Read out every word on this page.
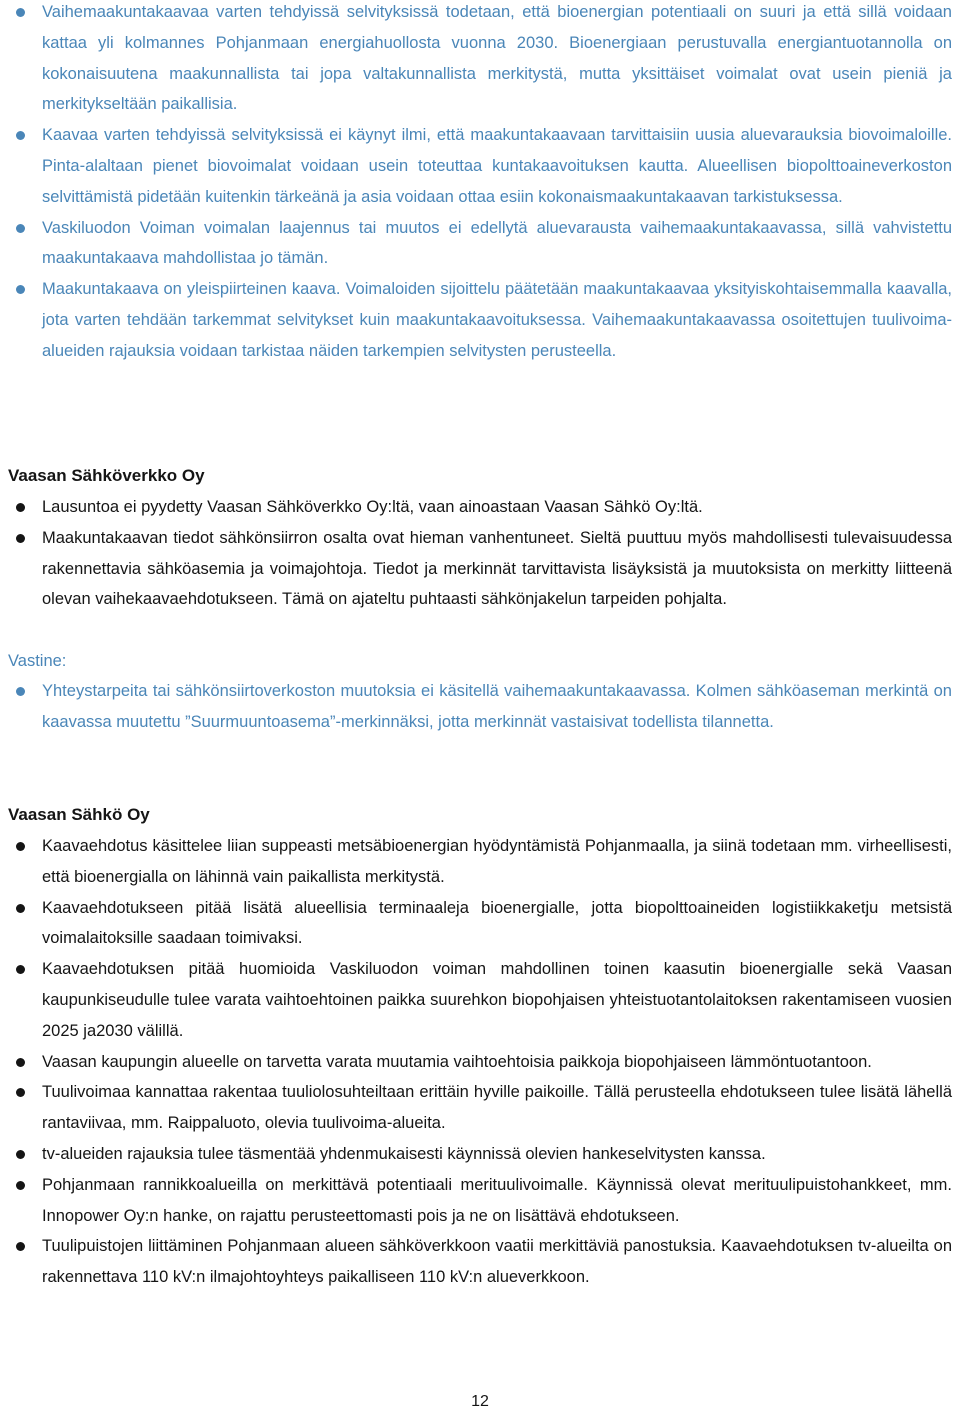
Vaihemaakuntakaavaa varten tehdyissä selvityksissä todetaan, että bioenergian potentiaali on suuri ja että sillä voidaan kattaa yli kolmannes Pohjanmaan energiahuollosta vuonna 2030. Bioenergiaan perustuvalla energiantuotannolla on kokonaisuutena maakunnallista tai jopa valtakunnallista merkitystä, mutta yksittäiset voimalat ovat usein pieniä ja merkitykseltään paikallisia.
Kaavaa varten tehdyissä selvityksissä ei käynyt ilmi, että maakuntakaavaan tarvittaisiin uusia aluevarauksia biovoimaloille. Pinta-alaltaan pienet biovoimalat voidaan usein toteuttaa kuntakaavoituksen kautta. Alueellisen biopolttoaineverkoston selvittämistä pidetään kuitenkin tärkeänä ja asia voidaan ottaa esiin kokonaismaakuntakaavan tarkistuksessa.
Vaskiluodon Voiman voimalan laajennus tai muutos ei edellytä aluevarausta vaihemaakuntakaavassa, sillä vahvistettu maakuntakaava mahdollistaa jo tämän.
Maakuntakaava on yleispiirteinen kaava. Voimaloiden sijoittelu päätetään maakuntakaavaa yksityiskohtaisemmalla kaavalla, jota varten tehdään tarkemmat selvitykset kuin maakuntakaavoituksessa. Vaihemaakuntakaavassa osoitettujen tuulivoima-alueiden rajauksia voidaan tarkistaa näiden tarkempien selvitysten perusteella.
Vaasan Sähköverkko Oy
Lausuntoa ei pyydetty Vaasan Sähköverkko Oy:ltä, vaan ainoastaan Vaasan Sähkö Oy:ltä.
Maakuntakaavan tiedot sähkönsiirron osalta ovat hieman vanhentuneet. Sieltä puuttuu myös mahdollisesti tulevaisuudessa rakennettavia sähköasemia ja voimajohtoja. Tiedot ja merkinnät tarvittavista lisäyksistä ja muutoksista on merkitty liitteenä olevan vaihekaavaehdotukseen. Tämä on ajateltu puhtaasti sähkönjakelun tarpeiden pohjalta.
Vastine:
Yhteystarpeita tai sähkönsiirtoverkoston muutoksia ei käsitellä vaihemaakuntakaavassa. Kolmen sähköaseman merkintä on kaavassa muutettu ”Suurmuuntoasema”-merkinnäksi, jotta merkinnät vastaisivat todellista tilannetta.
Vaasan Sähkö Oy
Kaavaehdotus käsittelee liian suppeasti metsäbioenergian hyödyntämistä Pohjanmaalla, ja siinä todetaan mm. virheellisesti, että bioenergialla on lähinnä vain paikallista merkitystä.
Kaavaehdotukseen pitää lisätä alueellisia terminaaleja bioenergialle, jotta biopolttoaineiden logistiikkaketju metsistä voimalaitoksille saadaan toimivaksi.
Kaavaehdotuksen pitää huomioida Vaskiluodon voiman mahdollinen toinen kaasutin bioenergialle sekä Vaasan kaupunkiseudulle tulee varata vaihtoehtoinen paikka suurehkon biopohjaisen yhteistuotantolaitoksen rakentamiseen vuosien 2025 ja2030 välillä.
Vaasan kaupungin alueelle on tarvetta varata muutamia vaihtoehtoisia paikkoja biopohjaiseen lämmöntuotantoon.
Tuulivoimaa kannattaa rakentaa tuuliolosuhteiltaan erittäin hyville paikoille. Tällä perusteella ehdotukseen tulee lisätä lähellä rantaviivaa, mm. Raippaluoto, olevia tuulivoima-alueita.
tv-alueiden rajauksia tulee täsmentää yhdenmukaisesti käynnissä olevien hankeselvitysten kanssa.
Pohjanmaan rannikkoalueilla on merkittävä potentiaali merituulivoimalle. Käynnissä olevat merituulipuistohankkeet, mm. Innopower Oy:n hanke, on rajattu perusteettomasti pois ja ne on lisättävä ehdotukseen.
Tuulipuistojen liittäminen Pohjanmaan alueen sähköverkkoon vaatii merkittäviä panostuksia. Kaavaehdotuksen tv-alueilta on rakennettava 110 kV:n ilmajohtoyhteys paikalliseen 110 kV:n alueverkkoon.
12
